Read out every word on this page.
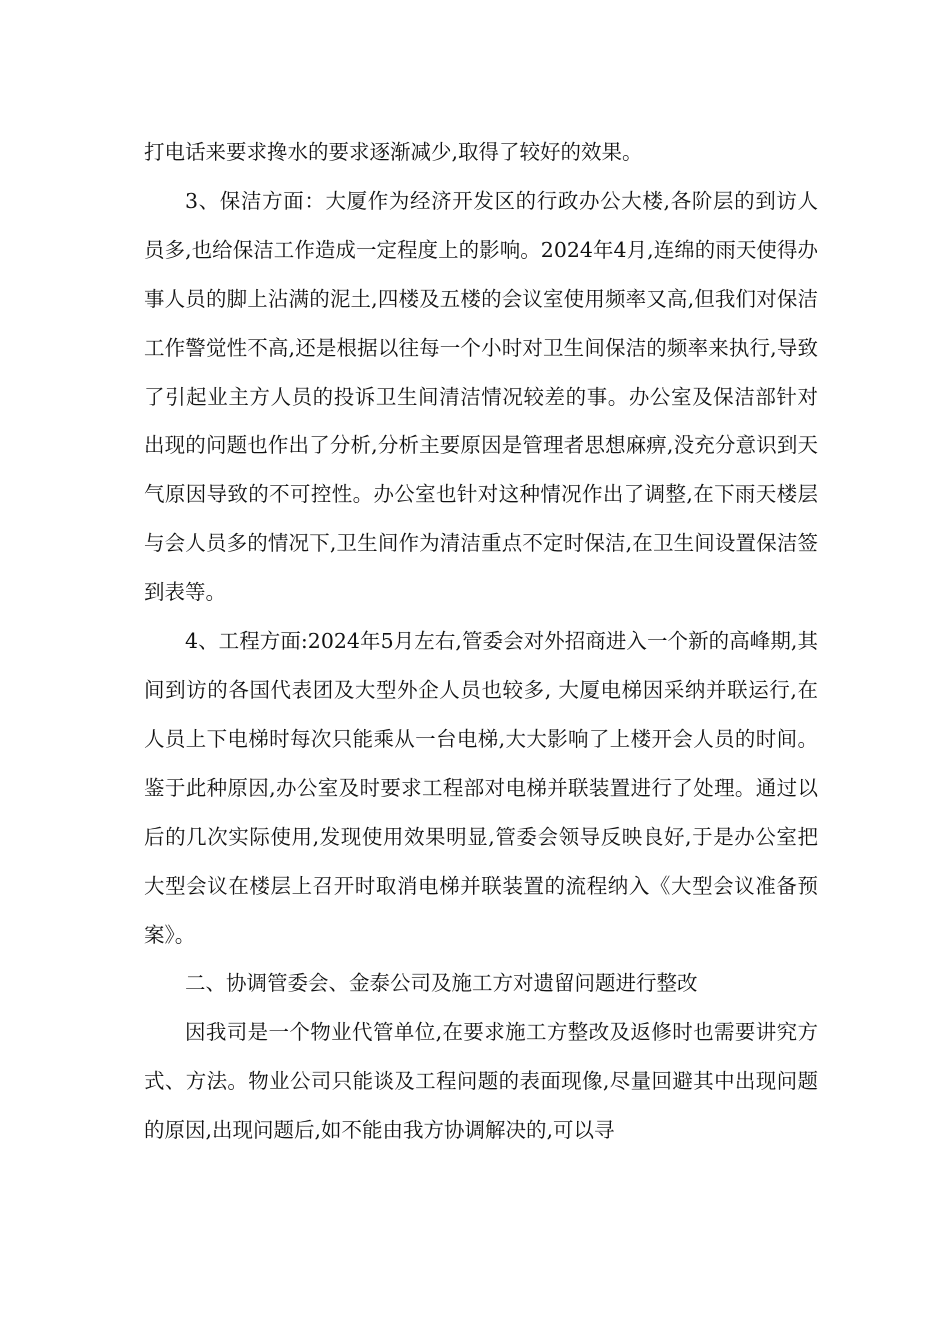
打电话来要求搀水的要求逐渐减少,取得了较好的效果。

3、保洁方面：大厦作为经济开发区的行政办公大楼,各阶层的到访人员多,也给保洁工作造成一定程度上的影响。2024年4月,连绵的雨天使得办事人员的脚上沾满的泥土,四楼及五楼的会议室使用频率又高,但我们对保洁工作警觉性不高,还是根据以往每一个小时对卫生间保洁的频率来执行,导致了引起业主方人员的投诉卫生间清洁情况较差的事。办公室及保洁部针对出现的问题也作出了分析,分析主要原因是管理者思想麻痹,没充分意识到天气原因导致的不可控性。办公室也针对这种情况作出了调整,在下雨天楼层与会人员多的情况下,卫生间作为清洁重点不定时保洁,在卫生间设置保洁签到表等。

4、工程方面:2024年5月左右,管委会对外招商进入一个新的高峰期,其间到访的各国代表团及大型外企人员也较多, 大厦电梯因采纳并联运行,在人员上下电梯时每次只能乘从一台电梯,大大影响了上楼开会人员的时间。鉴于此种原因,办公室及时要求工程部对电梯并联装置进行了处理。通过以后的几次实际使用,发现使用效果明显,管委会领导反映良好,于是办公室把大型会议在楼层上召开时取消电梯并联装置的流程纳入《大型会议准备预案》。

二、协调管委会、金泰公司及施工方对遗留问题进行整改

因我司是一个物业代管单位,在要求施工方整改及返修时也需要讲究方式、方法。物业公司只能谈及工程问题的表面现像,尽量回避其中出现问题的原因,出现问题后,如不能由我方协调解决的,可以寻
